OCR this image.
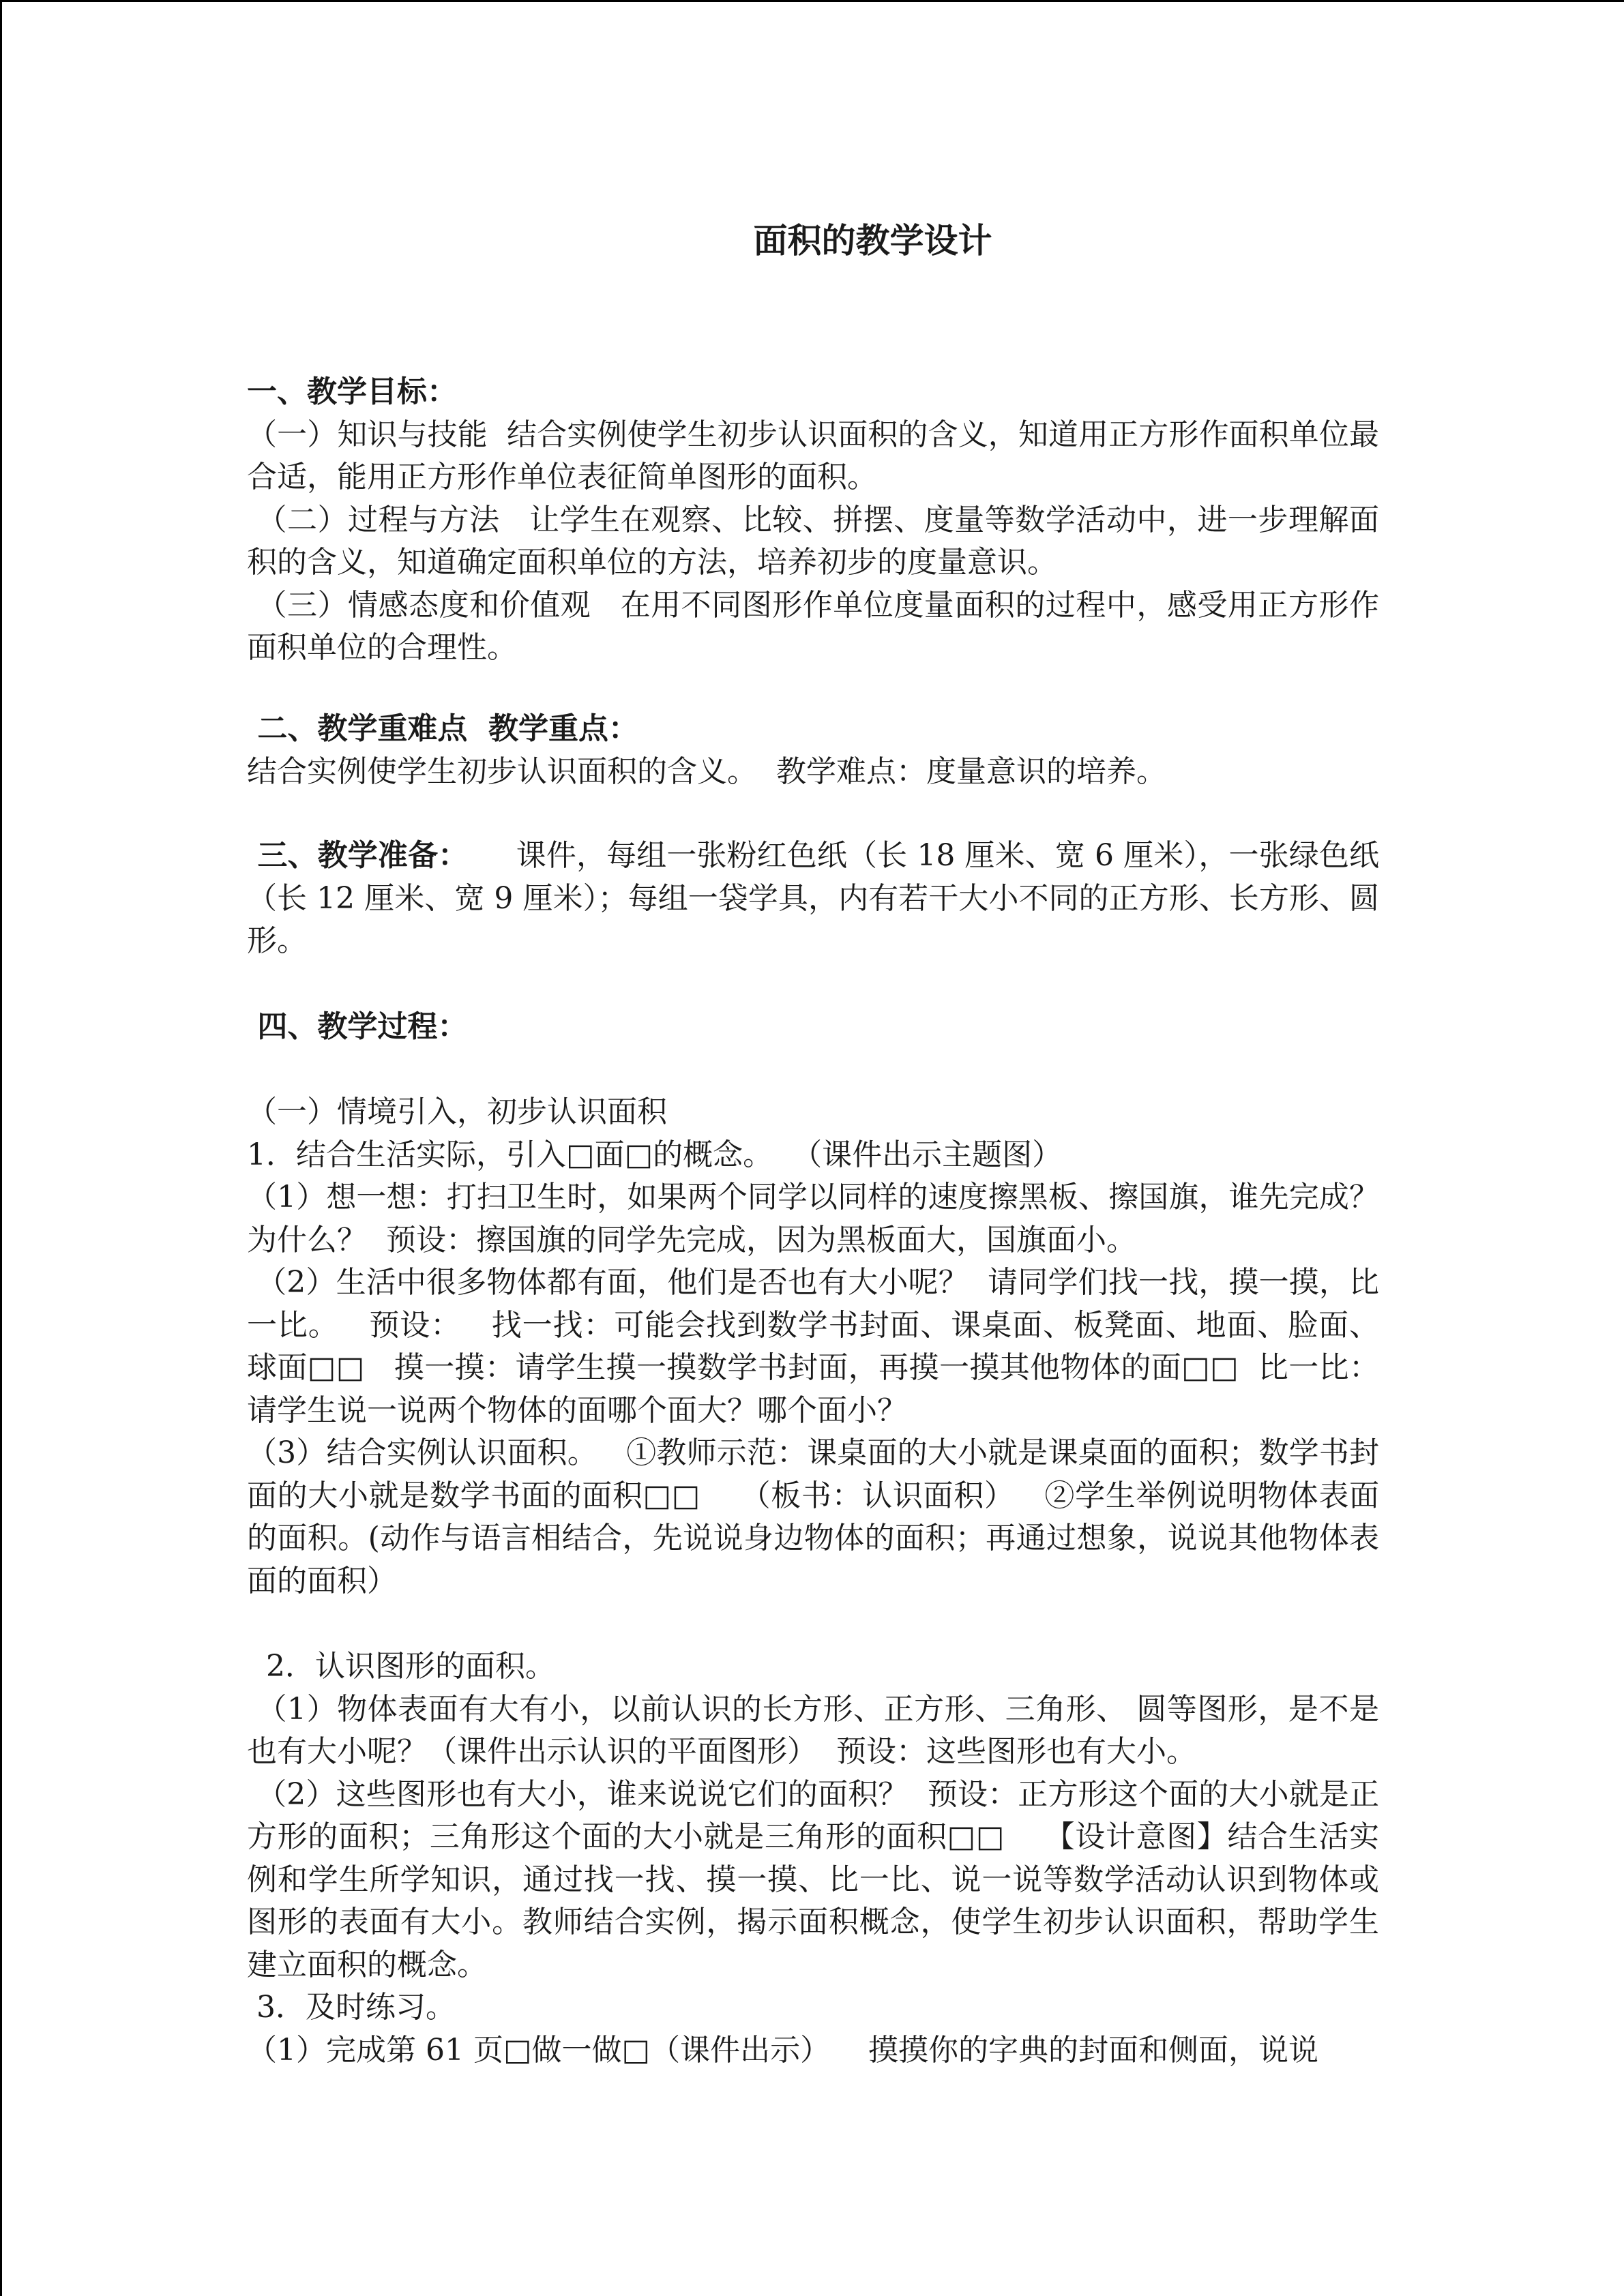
面积的教学设计

一、教学目标：

（一）知识与技能  结合实例使学生初步认识面积的含义，知道用正方形作面积单位最合适，能用正方形作单位表征简单图形的面积。

（二）过程与方法   让学生在观察、比较、拼摆、度量等数学活动中，进一步理解面积的含义，知道确定面积单位的方法，培养初步的度量意识。

（三）情感态度和价值观   在用不同图形作单位度量面积的过程中，感受用正方形作面积单位的合理性。

二、教学重难点  教学重点：

结合实例使学生初步认识面积的含义。  教学难点：度量意识的培养。

三、教学准备：     课件，每组一张粉红色纸（长 18 厘米、宽 6 厘米），一张绿色纸（长 12 厘米、宽 9 厘米）；每组一袋学具，内有若干大小不同的正方形、长方形、圆形。

四、教学过程：

（一）情境引入，初步认识面积

1．结合生活实际，引入□面□的概念。  （课件出示主题图）

（1）想一想：打扫卫生时，如果两个同学以同样的速度擦黑板、擦国旗，谁先完成？为什么？  预设：擦国旗的同学先完成，因为黑板面大，国旗面小。

（2）生活中很多物体都有面，他们是否也有大小呢？  请同学们找一找，摸一摸，比一比。   预设：   找一找：可能会找到数学书封面、课桌面、板凳面、地面、脸面、球面□□   摸一摸：请学生摸一摸数学书封面，再摸一摸其他物体的面□□  比一比：请学生说一说两个物体的面哪个面大？哪个面小？

（3）结合实例认识面积。   ①教师示范：课桌面的大小就是课桌面的面积；数学书封面的大小就是数学书面的面积□□    （板书：认识面积）   ②学生举例说明物体表面的面积。(动作与语言相结合，先说说身边物体的面积；再通过想象，说说其他物体表面的面积）

2．认识图形的面积。

（1）物体表面有大有小，以前认识的长方形、正方形、三角形、 圆等图形，是不是也有大小呢？（课件出示认识的平面图形）  预设：这些图形也有大小。

（2）这些图形也有大小，谁来说说它们的面积？  预设：正方形这个面的大小就是正方形的面积；三角形这个面的大小就是三角形的面积□□    【设计意图】结合生活实例和学生所学知识，通过找一找、摸一摸、比一比、说一说等数学活动认识到物体或图形的表面有大小。教师结合实例，揭示面积概念，使学生初步认识面积，帮助学生建立面积的概念。

3．及时练习。

（1）完成第 61 页□做一做□（课件出示）    摸摸你的字典的封面和侧面，说说
